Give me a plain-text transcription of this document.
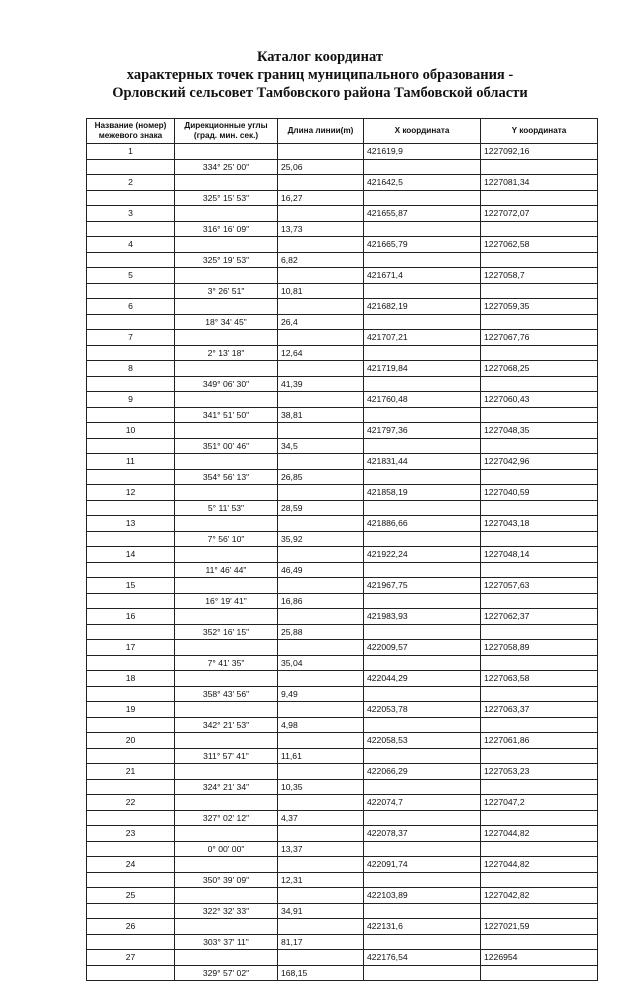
Каталог координат
характерных точек границ муниципального образования -
Орловский сельсовет Тамбовского района Тамбовской области
Название (номер) межевого знака	Дирекционные углы (град. мин. сек.)	Длина линии(m)	X координата	Y координата
1			421619,9	1227092,16
	334° 25' 00"	25,06		
2			421642,5	1227081,34
	325° 15' 53"	16,27		
3			421655,87	1227072,07
	316° 16' 09"	13,73		
4			421665,79	1227062,58
	325° 19' 53"	6,82		
5			421671,4	1227058,7
	3° 26' 51"	10,81		
6			421682,19	1227059,35
	18° 34' 45"	26,4		
7			421707,21	1227067,76
	2° 13' 18"	12,64		
8			421719,84	1227068,25
	349° 06' 30"	41,39		
9			421760,48	1227060,43
	341° 51' 50"	38,81		
10			421797,36	1227048,35
	351° 00' 46"	34,5		
11			421831,44	1227042,96
	354° 56' 13"	26,85		
12			421858,19	1227040,59
	5° 11' 53"	28,59		
13			421886,66	1227043,18
	7° 56' 10"	35,92		
14			421922,24	1227048,14
	11° 46' 44"	46,49		
15			421967,75	1227057,63
	16° 19' 41"	16,86		
16			421983,93	1227062,37
	352° 16' 15"	25,88		
17			422009,57	1227058,89
	7° 41' 35"	35,04		
18			422044,29	1227063,58
	358° 43' 56"	9,49		
19			422053,78	1227063,37
	342° 21' 53"	4,98		
20			422058,53	1227061,86
	311° 57' 41"	11,61		
21			422066,29	1227053,23
	324° 21' 34"	10,35		
22			422074,7	1227047,2
	327° 02' 12"	4,37		
23			422078,37	1227044,82
	0° 00' 00"	13,37		
24			422091,74	1227044,82
	350° 39' 09"	12,31		
25			422103,89	1227042,82
	322° 32' 33"	34,91		
26			422131,6	1227021,59
	303° 37' 11"	81,17		
27			422176,54	1226954
	329° 57' 02"	168,15		
